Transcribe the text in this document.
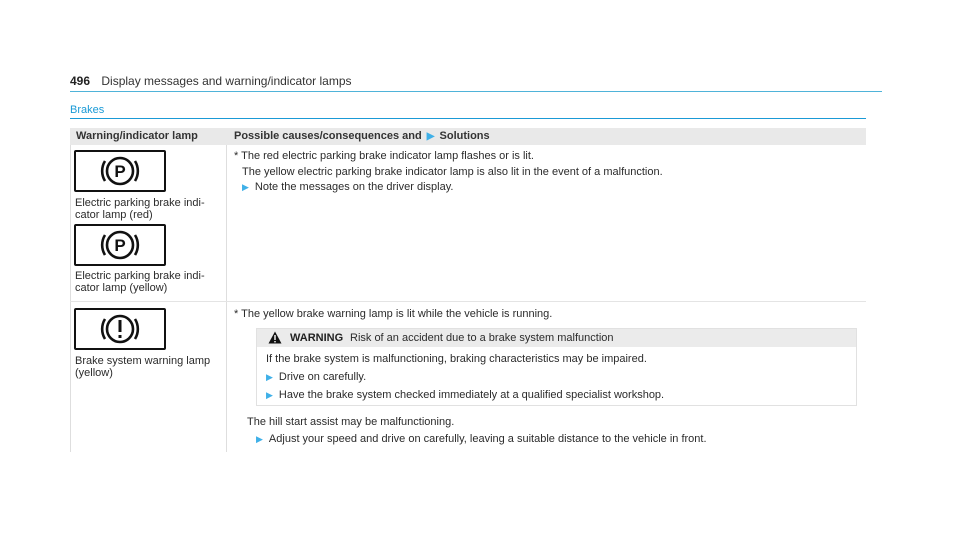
496 Display messages and warning/indicator lamps
Brakes
Warning/indicator lamp	Possible causes/consequences and ▶ Solutions
P
Electric parking brake indi-
cator lamp (red)
P
Electric parking brake indi-
cator lamp (yellow)
* The red electric parking brake indicator lamp flashes or is lit.
The yellow electric parking brake indicator lamp is also lit in the event of a malfunction.
▶ Note the messages on the driver display.
Brake system warning lamp
(yellow)
* The yellow brake warning lamp is lit while the vehicle is running.
WARNING Risk of an accident due to a brake system malfunction
If the brake system is malfunctioning, braking characteristics may be impaired.
▶ Drive on carefully.
▶ Have the brake system checked immediately at a qualified specialist workshop.
The hill start assist may be malfunctioning.
▶ Adjust your speed and drive on carefully, leaving a suitable distance to the vehicle in front.
